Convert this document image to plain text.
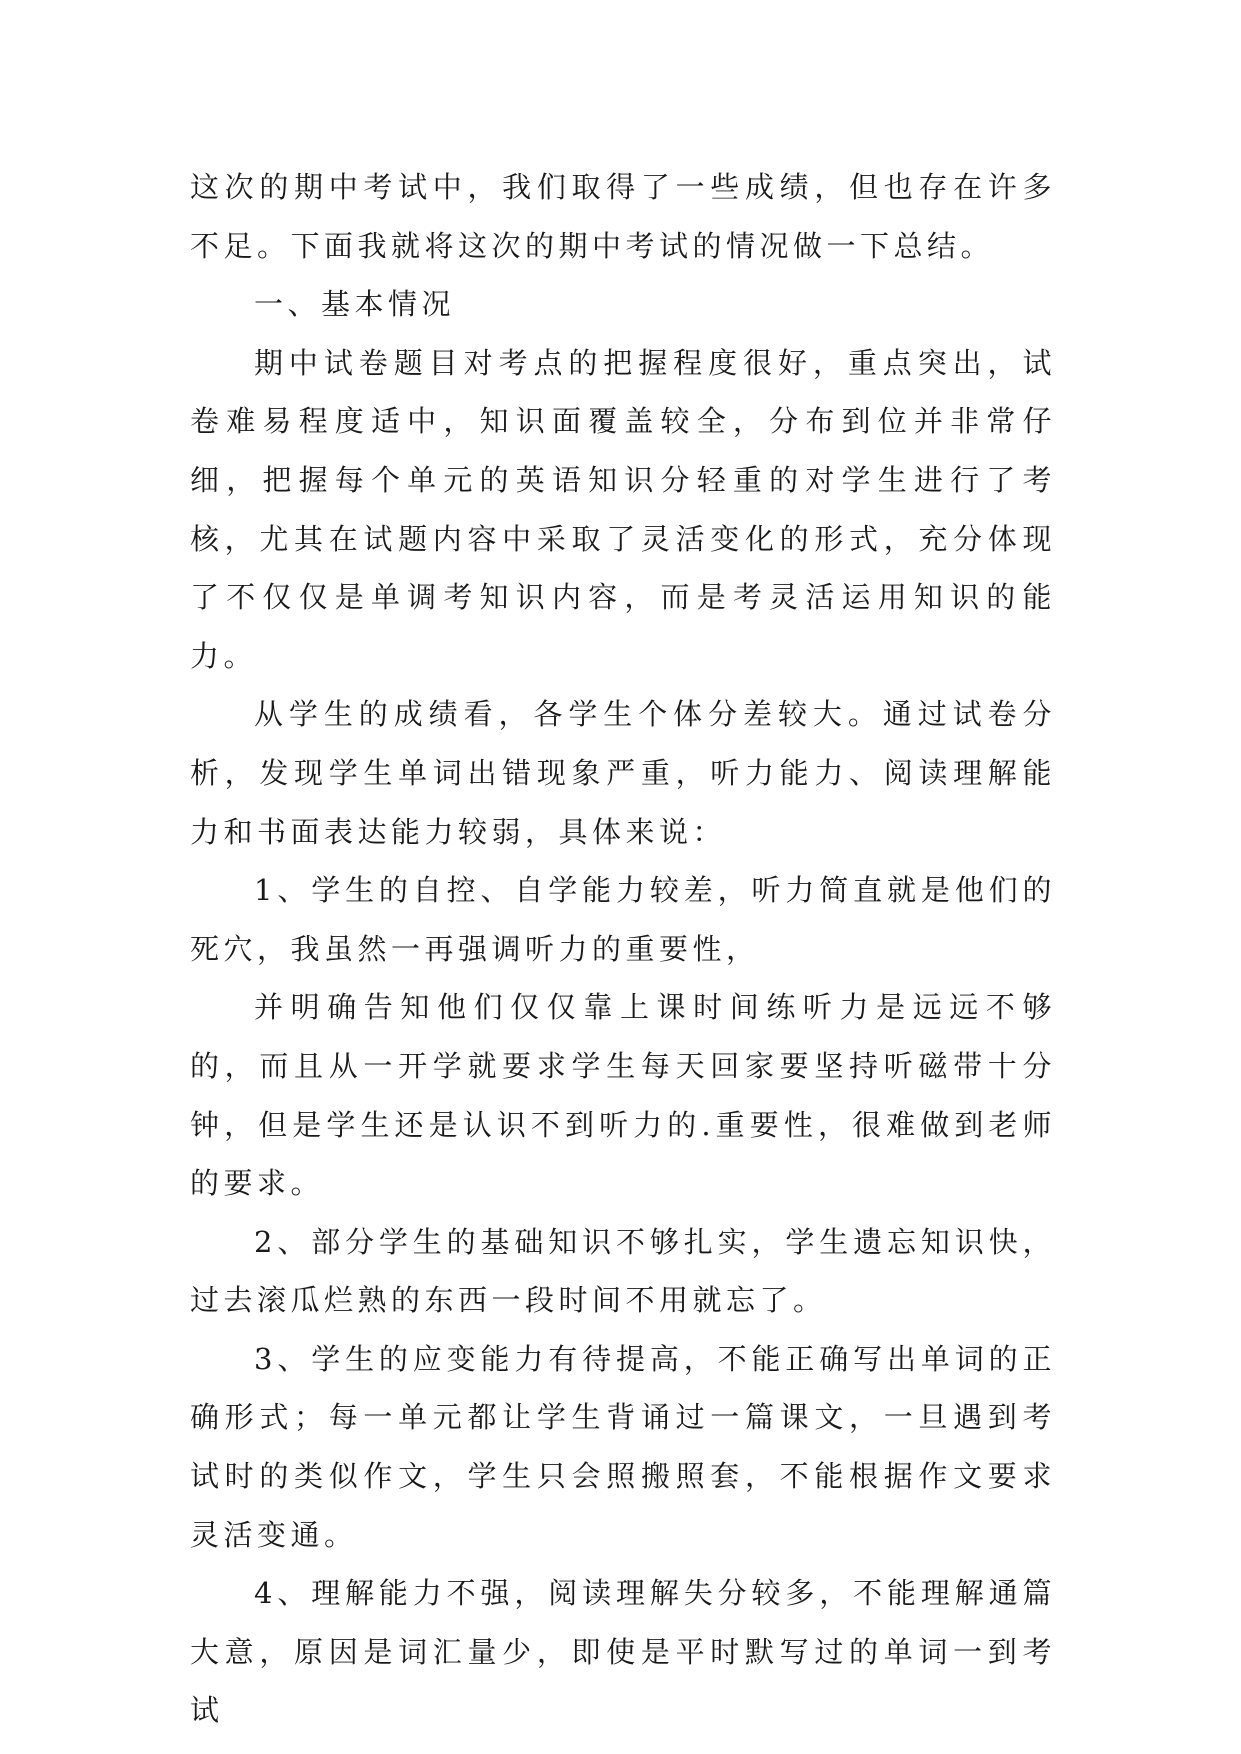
这次的期中考试中，我们取得了一些成绩，但也存在许多不足。下面我就将这次的期中考试的情况做一下总结。

一、基本情况

期中试卷题目对考点的把握程度很好，重点突出，试卷难易程度适中，知识面覆盖较全，分布到位并非常仔细，把握每个单元的英语知识分轻重的对学生进行了考核，尤其在试题内容中采取了灵活变化的形式，充分体现了不仅仅是单调考知识内容，而是考灵活运用知识的能力。

从学生的成绩看，各学生个体分差较大。通过试卷分析，发现学生单词出错现象严重，听力能力、阅读理解能力和书面表达能力较弱，具体来说：

1、学生的自控、自学能力较差，听力简直就是他们的死穴，我虽然一再强调听力的重要性，

并明确告知他们仅仅靠上课时间练听力是远远不够的，而且从一开学就要求学生每天回家要坚持听磁带十分钟，但是学生还是认识不到听力的.重要性，很难做到老师的要求。

2、部分学生的基础知识不够扎实，学生遗忘知识快，过去滚瓜烂熟的东西一段时间不用就忘了。

3、学生的应变能力有待提高，不能正确写出单词的正确形式；每一单元都让学生背诵过一篇课文，一旦遇到考试时的类似作文，学生只会照搬照套，不能根据作文要求灵活变通。

4、理解能力不强，阅读理解失分较多，不能理解通篇大意，原因是词汇量少，即使是平时默写过的单词一到考试
